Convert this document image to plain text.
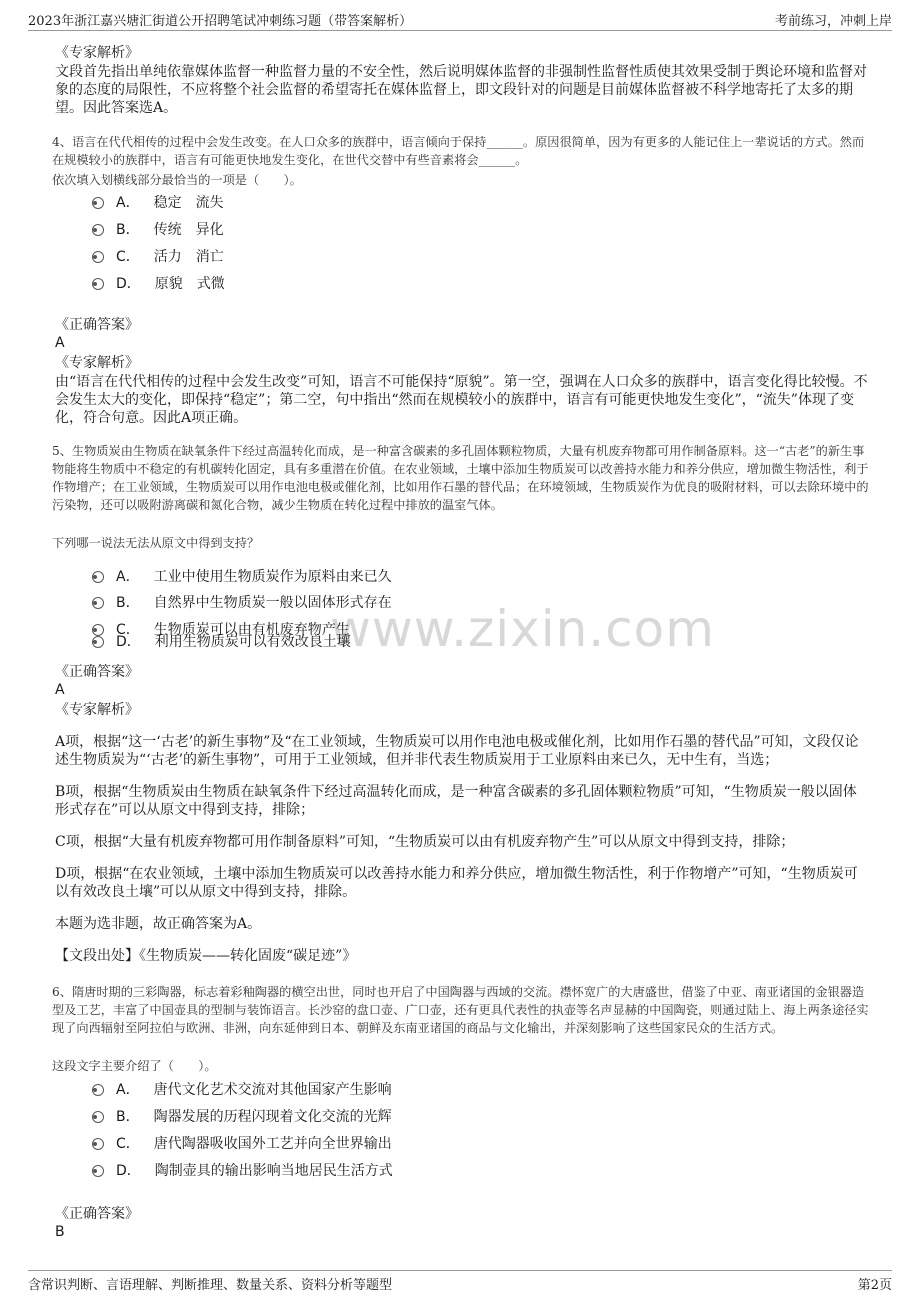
2023年浙江嘉兴塘汇街道公开招聘笔试冲刺练习题（带答案解析）	考前练习，冲刺上岸
www.zixin.com
《专家解析》
文段首先指出单纯依靠媒体监督一种监督力量的不安全性，然后说明媒体监督的非强制性监督性质使其效果受制于舆论环境和监督对象的态度的局限性，不应将整个社会监督的希望寄托在媒体监督上，即文段针对的问题是目前媒体监督被不科学地寄托了太多的期望。因此答案选A。
4、语言在代代相传的过程中会发生改变。在人口众多的族群中，语言倾向于保持______。原因很简单，因为有更多的人能记住上一辈说话的方式。然而在规模较小的族群中，语言有可能更快地发生变化，在世代交替中有些音素将会______。
依次填入划横线部分最恰当的一项是（　　）。
A． 稳定　流失
B． 传统　异化
C． 活力　消亡
D． 原貌　式微
《正确答案》
A
《专家解析》
由“语言在代代相传的过程中会发生改变”可知，语言不可能保持“原貌”。第一空，强调在人口众多的族群中，语言变化得比较慢。不会发生太大的变化，即保持“稳定”；第二空，句中指出“然而在规模较小的族群中，语言有可能更快地发生变化”，“流失”体现了变化，符合句意。因此A项正确。
5、生物质炭由生物质在缺氧条件下经过高温转化而成，是一种富含碳素的多孔固体颗粒物质，大量有机废弃物都可用作制备原料。这一“古老”的新生事物能将生物质中不稳定的有机碳转化固定，具有多重潜在价值。在农业领域，土壤中添加生物质炭可以改善持水能力和养分供应，增加微生物活性，利于作物增产；在工业领域，生物质炭可以用作电池电极或催化剂，比如用作石墨的替代品；在环境领域，生物质炭作为优良的吸附材料，可以去除环境中的污染物，还可以吸附游离碳和氮化合物，减少生物质在转化过程中排放的温室气体。
下列哪一说法无法从原文中得到支持？
A． 工业中使用生物质炭作为原料由来已久
B． 自然界中生物质炭一般以固体形式存在
C． 生物质炭可以由有机废弃物产生
D． 利用生物质炭可以有效改良土壤
《正确答案》
A
《专家解析》
A项，根据“这一‘古老’的新生事物”及“在工业领域，生物质炭可以用作电池电极或催化剂，比如用作石墨的替代品”可知，文段仅论述生物质炭为“‘古老’的新生事物”，可用于工业领域，但并非代表生物质炭用于工业原料由来已久，无中生有，当选；
B项，根据“生物质炭由生物质在缺氧条件下经过高温转化而成，是一种富含碳素的多孔固体颗粒物质”可知，“生物质炭一般以固体形式存在”可以从原文中得到支持，排除；
C项，根据“大量有机废弃物都可用作制备原料”可知，“生物质炭可以由有机废弃物产生”可以从原文中得到支持，排除；
D项，根据“在农业领域，土壤中添加生物质炭可以改善持水能力和养分供应，增加微生物活性，利于作物增产”可知，“生物质炭可以有效改良土壤”可以从原文中得到支持，排除。
本题为选非题，故正确答案为A。
【文段出处】《生物质炭——转化固废“碳足迹”》
6、隋唐时期的三彩陶器，标志着彩釉陶器的横空出世，同时也开启了中国陶器与西域的交流。襟怀宽广的大唐盛世，借鉴了中亚、南亚诸国的金银器造型及工艺，丰富了中国壶具的型制与装饰语言。长沙窑的盘口壶、广口壶，还有更具代表性的执壶等名声显赫的中国陶瓷，则通过陆上、海上两条途径实现了向西辐射至阿拉伯与欧洲、非洲，向东延伸到日本、朝鲜及东南亚诸国的商品与文化输出，并深刻影响了这些国家民众的生活方式。
这段文字主要介绍了（　　）。
A． 唐代文化艺术交流对其他国家产生影响
B． 陶器发展的历程闪现着文化交流的光辉
C． 唐代陶器吸收国外工艺并向全世界输出
D． 陶制壶具的输出影响当地居民生活方式
《正确答案》
B
含常识判断、言语理解、判断推理、数量关系、资料分析等题型	第2页
